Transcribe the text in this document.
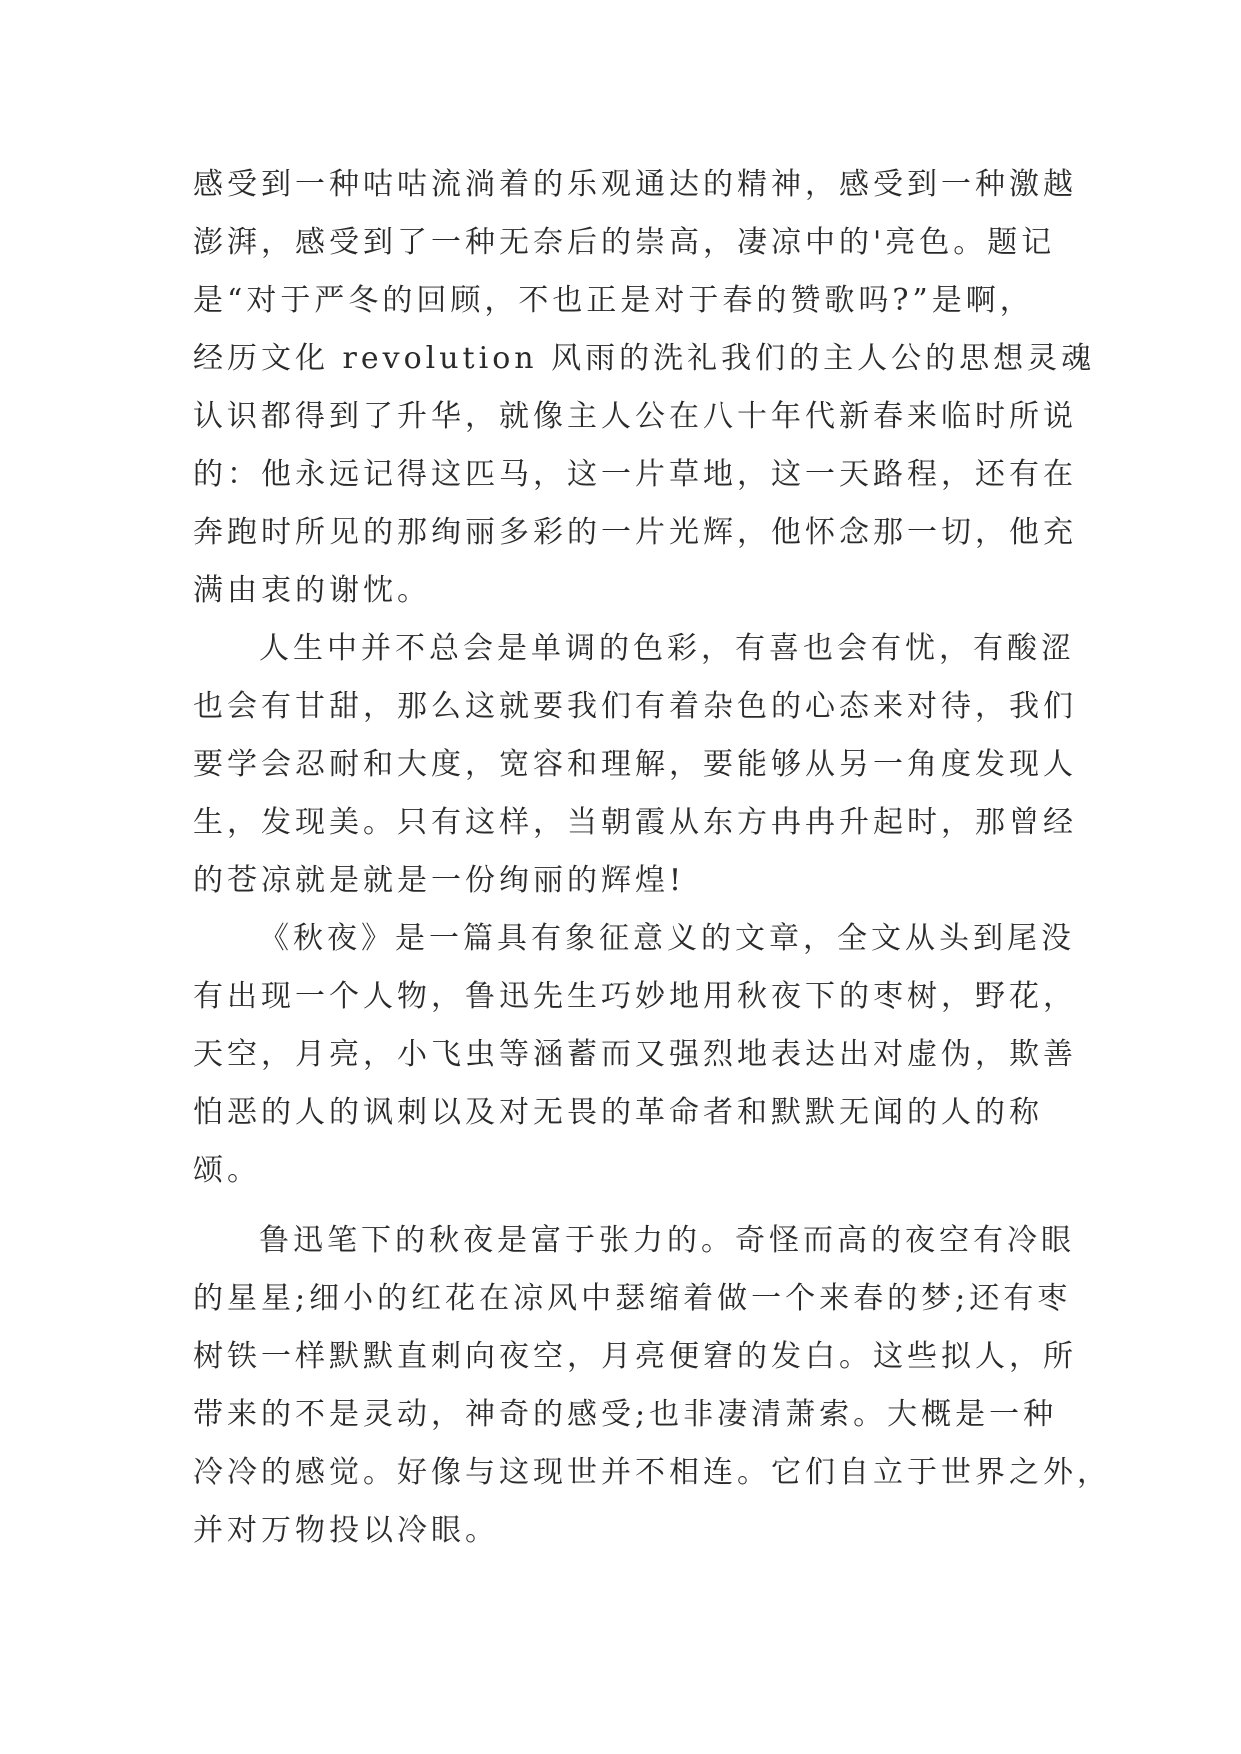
感受到一种咕咕流淌着的乐观通达的精神，感受到一种激越
澎湃，感受到了一种无奈后的崇高，凄凉中的'亮色。题记
是“对于严冬的回顾，不也正是对于春的赞歌吗?”是啊，
经历文化 revolution 风雨的洗礼我们的主人公的思想灵魂
认识都得到了升华，就像主人公在八十年代新春来临时所说
的：他永远记得这匹马，这一片草地，这一天路程，还有在
奔跑时所见的那绚丽多彩的一片光辉，他怀念那一切，他充
满由衷的谢忱。

人生中并不总会是单调的色彩，有喜也会有忧，有酸涩
也会有甘甜，那么这就要我们有着杂色的心态来对待，我们
要学会忍耐和大度，宽容和理解，要能够从另一角度发现人
生，发现美。只有这样，当朝霞从东方冉冉升起时，那曾经
的苍凉就是就是一份绚丽的辉煌!

《秋夜》是一篇具有象征意义的文章，全文从头到尾没
有出现一个人物，鲁迅先生巧妙地用秋夜下的枣树，野花，
天空，月亮，小飞虫等涵蓄而又强烈地表达出对虚伪，欺善
怕恶的人的讽刺以及对无畏的革命者和默默无闻的人的称
颂。

鲁迅笔下的秋夜是富于张力的。奇怪而高的夜空有冷眼
的星星;细小的红花在凉风中瑟缩着做一个来春的梦;还有枣
树铁一样默默直刺向夜空，月亮便窘的发白。这些拟人，所
带来的不是灵动，神奇的感受;也非凄清萧索。大概是一种
冷冷的感觉。好像与这现世并不相连。它们自立于世界之外，
并对万物投以冷眼。
